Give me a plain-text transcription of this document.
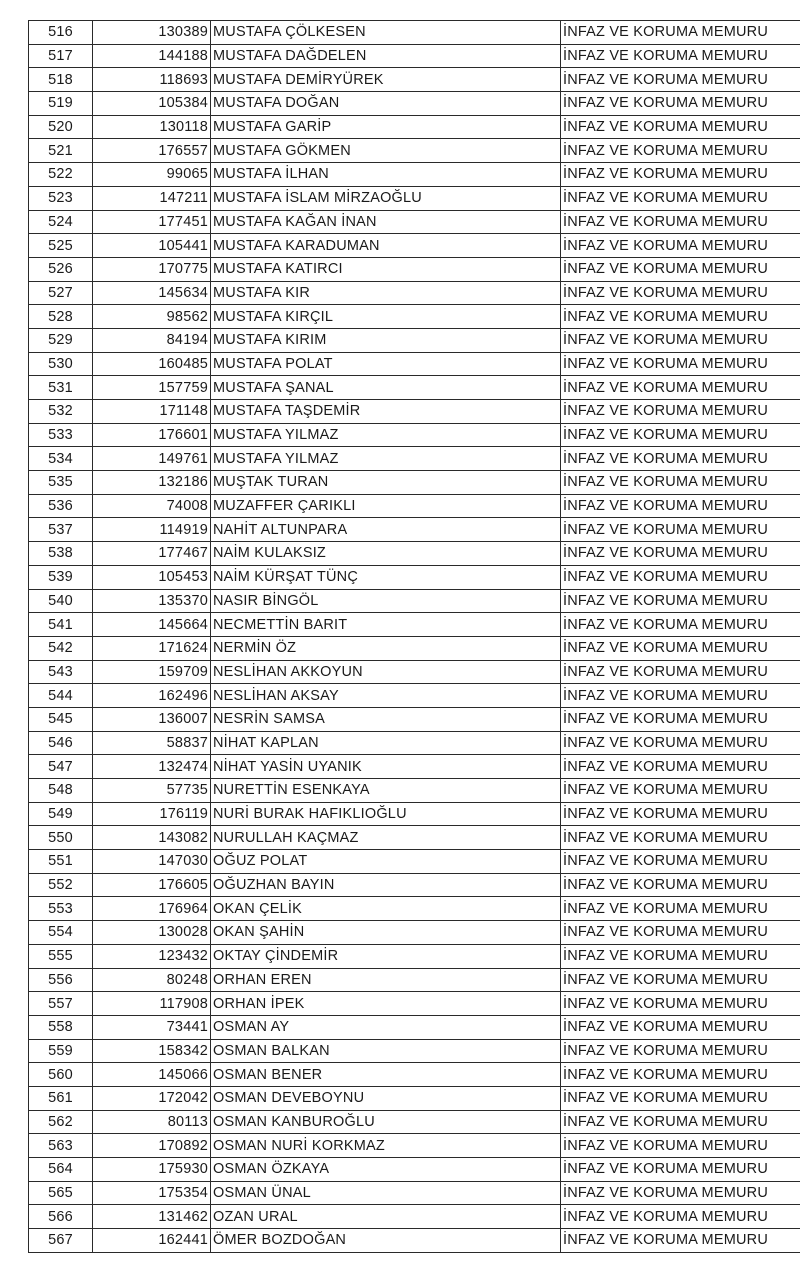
516	130389	MUSTAFA ÇÖLKESEN	İNFAZ VE KORUMA MEMURU
517	144188	MUSTAFA DAĞDELEN	İNFAZ VE KORUMA MEMURU
518	118693	MUSTAFA DEMİRYÜREK	İNFAZ VE KORUMA MEMURU
519	105384	MUSTAFA DOĞAN	İNFAZ VE KORUMA MEMURU
520	130118	MUSTAFA GARİP	İNFAZ VE KORUMA MEMURU
521	176557	MUSTAFA GÖKMEN	İNFAZ VE KORUMA MEMURU
522	99065	MUSTAFA İLHAN	İNFAZ VE KORUMA MEMURU
523	147211	MUSTAFA İSLAM MİRZAOĞLU	İNFAZ VE KORUMA MEMURU
524	177451	MUSTAFA KAĞAN İNAN	İNFAZ VE KORUMA MEMURU
525	105441	MUSTAFA KARADUMAN	İNFAZ VE KORUMA MEMURU
526	170775	MUSTAFA KATIRCI	İNFAZ VE KORUMA MEMURU
527	145634	MUSTAFA KIR	İNFAZ VE KORUMA MEMURU
528	98562	MUSTAFA KIRÇIL	İNFAZ VE KORUMA MEMURU
529	84194	MUSTAFA KIRIM	İNFAZ VE KORUMA MEMURU
530	160485	MUSTAFA POLAT	İNFAZ VE KORUMA MEMURU
531	157759	MUSTAFA ŞANAL	İNFAZ VE KORUMA MEMURU
532	171148	MUSTAFA TAŞDEMİR	İNFAZ VE KORUMA MEMURU
533	176601	MUSTAFA YILMAZ	İNFAZ VE KORUMA MEMURU
534	149761	MUSTAFA YILMAZ	İNFAZ VE KORUMA MEMURU
535	132186	MUŞTAK TURAN	İNFAZ VE KORUMA MEMURU
536	74008	MUZAFFER ÇARIKLI	İNFAZ VE KORUMA MEMURU
537	114919	NAHİT ALTUNPARA	İNFAZ VE KORUMA MEMURU
538	177467	NAİM KULAKSIZ	İNFAZ VE KORUMA MEMURU
539	105453	NAİM KÜRŞAT TÜNÇ	İNFAZ VE KORUMA MEMURU
540	135370	NASIR BİNGÖL	İNFAZ VE KORUMA MEMURU
541	145664	NECMETTİN BARIT	İNFAZ VE KORUMA MEMURU
542	171624	NERMİN ÖZ	İNFAZ VE KORUMA MEMURU
543	159709	NESLİHAN AKKOYUN	İNFAZ VE KORUMA MEMURU
544	162496	NESLİHAN AKSAY	İNFAZ VE KORUMA MEMURU
545	136007	NESRİN SAMSA	İNFAZ VE KORUMA MEMURU
546	58837	NİHAT KAPLAN	İNFAZ VE KORUMA MEMURU
547	132474	NİHAT YASİN UYANIK	İNFAZ VE KORUMA MEMURU
548	57735	NURETTİN ESENKAYA	İNFAZ VE KORUMA MEMURU
549	176119	NURİ BURAK HAFIKLIOĞLU	İNFAZ VE KORUMA MEMURU
550	143082	NURULLAH KAÇMAZ	İNFAZ VE KORUMA MEMURU
551	147030	OĞUZ POLAT	İNFAZ VE KORUMA MEMURU
552	176605	OĞUZHAN BAYIN	İNFAZ VE KORUMA MEMURU
553	176964	OKAN ÇELİK	İNFAZ VE KORUMA MEMURU
554	130028	OKAN ŞAHİN	İNFAZ VE KORUMA MEMURU
555	123432	OKTAY ÇİNDEMİR	İNFAZ VE KORUMA MEMURU
556	80248	ORHAN EREN	İNFAZ VE KORUMA MEMURU
557	117908	ORHAN İPEK	İNFAZ VE KORUMA MEMURU
558	73441	OSMAN AY	İNFAZ VE KORUMA MEMURU
559	158342	OSMAN BALKAN	İNFAZ VE KORUMA MEMURU
560	145066	OSMAN BENER	İNFAZ VE KORUMA MEMURU
561	172042	OSMAN DEVEBOYNU	İNFAZ VE KORUMA MEMURU
562	80113	OSMAN KANBUROĞLU	İNFAZ VE KORUMA MEMURU
563	170892	OSMAN NURİ KORKMAZ	İNFAZ VE KORUMA MEMURU
564	175930	OSMAN ÖZKAYA	İNFAZ VE KORUMA MEMURU
565	175354	OSMAN ÜNAL	İNFAZ VE KORUMA MEMURU
566	131462	OZAN URAL	İNFAZ VE KORUMA MEMURU
567	162441	ÖMER BOZDOĞAN	İNFAZ VE KORUMA MEMURU
